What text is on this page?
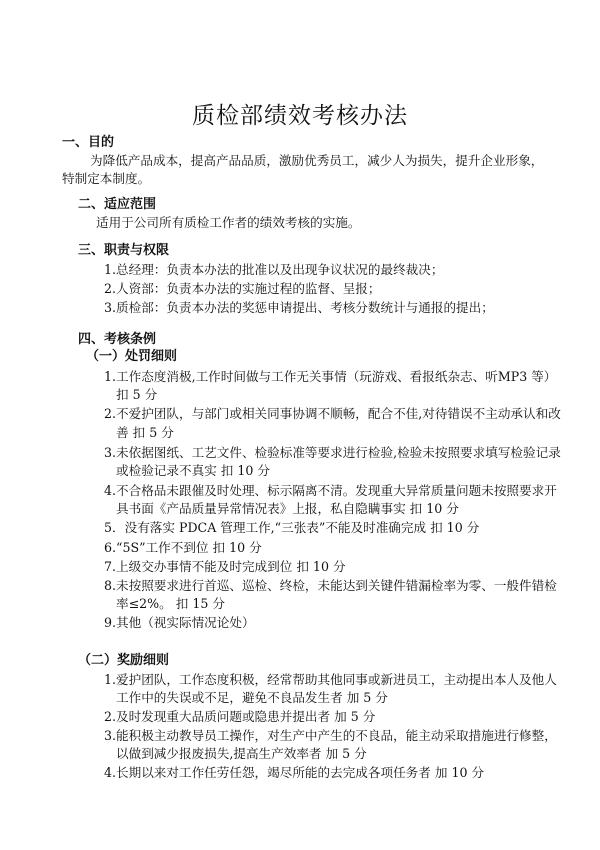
质检部绩效考核办法
一、目的
为降低产品成本，提高产品品质，激励优秀员工，减少人为损失，提升企业形象，
特制定本制度。
二、适应范围
适用于公司所有质检工作者的绩效考核的实施。
三、职责与权限
1.总经理：负责本办法的批准以及出现争议状况的最终裁决；
2.人资部：负责本办法的实施过程的监督、呈报；
3.质检部：负责本办法的奖惩申请提出、考核分数统计与通报的提出；
四、考核条例
（一）处罚细则
1.工作态度消极,工作时间做与工作无关事情（玩游戏、看报纸杂志、听MP3 等）
扣 5 分
2.不爱护团队，与部门或相关同事协调不顺畅，配合不佳,对待错误不主动承认和改
善 扣 5 分
3.未依据图纸、工艺文件、检验标准等要求进行检验,检验未按照要求填写检验记录
或检验记录不真实 扣 10 分
4.不合格品未跟催及时处理、标示隔离不清。发现重大异常质量问题未按照要求开
具书面《产品质量异常情况表》上报，私自隐瞒事实 扣 10 分
5．没有落实 PDCA 管理工作,“三张表”不能及时准确完成 扣 10 分
6.“5S”工作不到位 扣 10 分
7.上级交办事情不能及时完成到位 扣 10 分
8.未按照要求进行首巡、巡检、终检，未能达到关键件错漏检率为零、一般件错检
率≤2%。 扣 15 分
9.其他（视实际情况论处）
（二）奖励细则
1.爱护团队，工作态度积极，经常帮助其他同事或新进员工，主动提出本人及他人
工作中的失误或不足，避免不良品发生者 加 5 分
2.及时发现重大品质问题或隐患并提出者 加 5 分
3.能积极主动教导员工操作，对生产中产生的不良品，能主动采取措施进行修整，
以做到减少报废损失,提高生产效率者 加 5 分
4.长期以来对工作任劳任怨，竭尽所能的去完成各项任务者 加 10 分
